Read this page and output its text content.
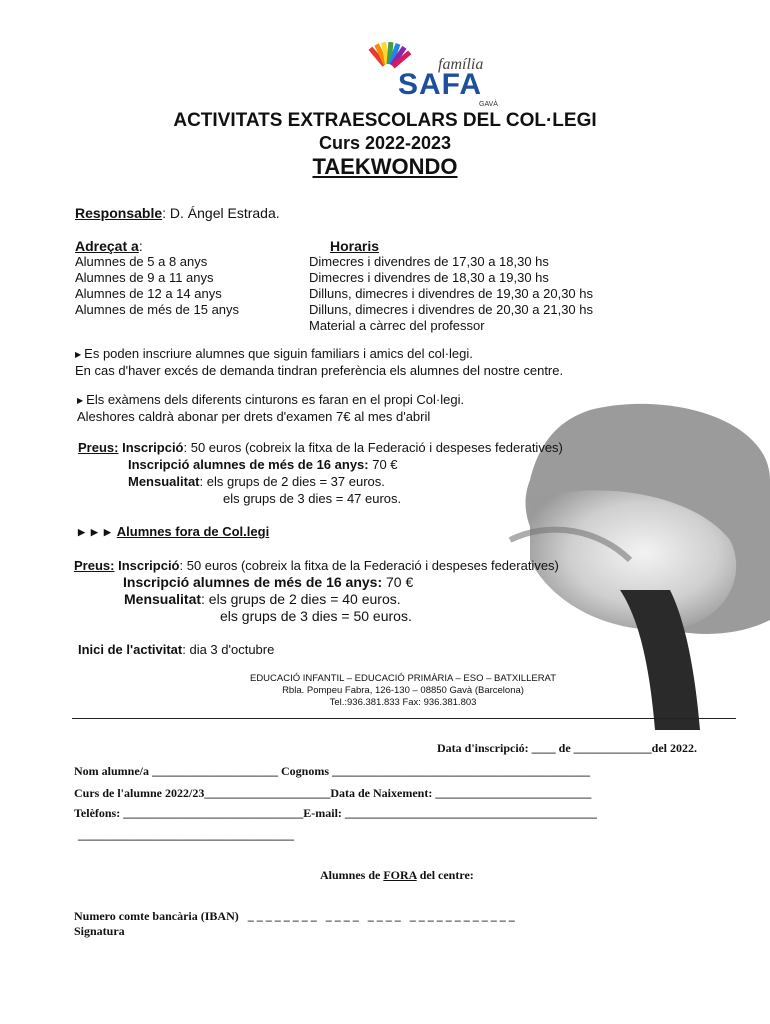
família
SAFA
GAVÀ
ACTIVITATS EXTRAESCOLARS DEL COL·LEGI
Curs 2022-2023
TAEKWONDO
Responsable: D. Ángel Estrada.
Adreçat a:	Horaris
Alumnes de 5 a 8 anys
Alumnes de 9 a 11 anys
Alumnes de 12 a 14 anys
Alumnes de més de 15 anys
Dimecres i divendres de 17,30 a 18,30 hs
Dimecres i divendres de 18,30 a 19,30 hs
Dilluns, dimecres i divendres de 19,30 a 20,30 hs
Dilluns, dimecres i divendres de 20,30 a 21,30 hs
Material a càrrec del professor
▶ Es poden inscriure alumnes que siguin familiars i amics del col·legi.
En cas d'haver excés de demanda tindran preferència els alumnes del nostre centre.
▶ Els exàmens dels diferents cinturons es faran en el propi Col·legi.
Aleshores caldrà abonar per drets d'examen 7€ al mes d'abril
Preus: Inscripció: 50 euros (cobreix la fitxa de la Federació i despeses federatives)
Inscripció alumnes de més de 16 anys: 70 €
Mensualitat: els grups de 2 dies = 37 euros.
els grups de 3 dies = 47 euros.
▶▶▶Alumnes fora de Col.legi
Preus: Inscripció: 50 euros (cobreix la fitxa de la Federació i despeses federatives)
Inscripció alumnes de més de 16 anys: 70 €
Mensualitat: els grups de 2 dies = 40 euros.
els grups de 3 dies = 50 euros.
Inici de l'activitat: dia 3 d'octubre
EDUCACIÓ INFANTIL – EDUCACIÓ PRIMÀRIA – ESO – BATXILLERAT
Rbla. Pompeu Fabra, 126-130 – 08850 Gavà (Barcelona)
Tel.:936.381.833 Fax: 936.381.803
Data d'inscripció: ____ de _____________del 2022.
Nom alumne/a _____________________ Cognoms ___________________________________________
Curs de l'alumne 2022/23_____________________Data de Naixement: __________________________
Telèfons: ______________________________E-mail: __________________________________________
____________________________________
Alumnes de FORA del centre:
Numero comte bancària (IBAN) _ _ _ _ _ _ _ _   _ _ _ _   _ _ _ _   _ _ _ _ _ _ _ _ _ _ _ _
Signatura
